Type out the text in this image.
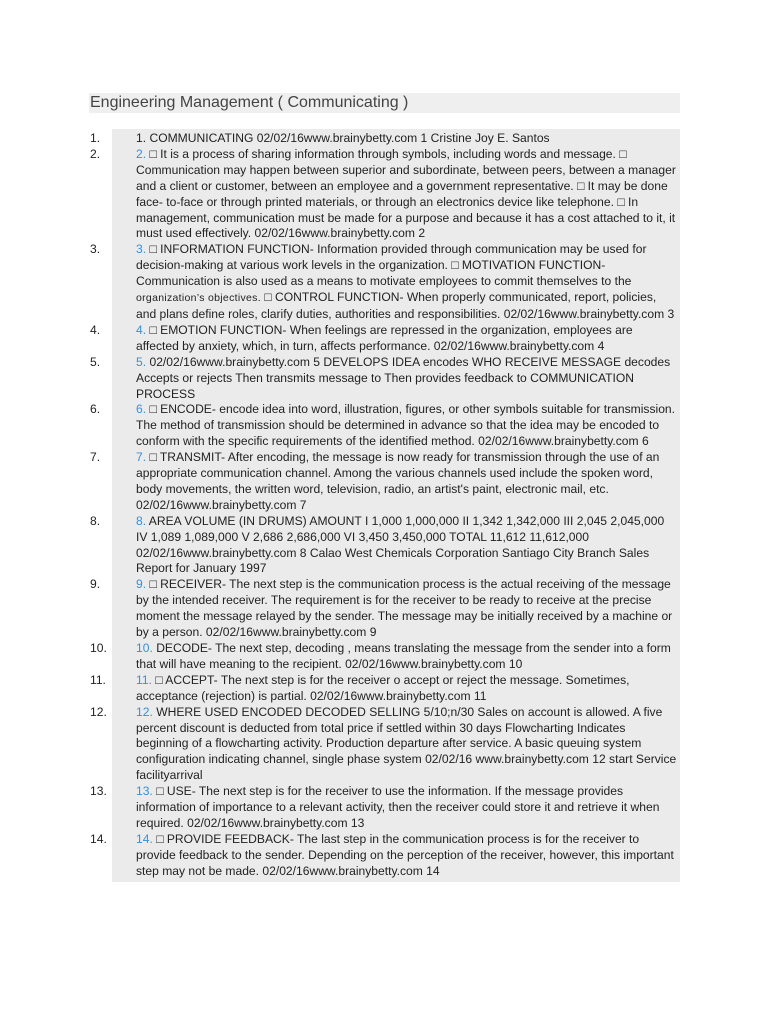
Engineering Management ( Communicating )
1.	1. COMMUNICATING 02/02/16www.brainybetty.com 1 Cristine Joy E. Santos
2.	2. □ It is a process of sharing information through symbols, including words and message. □ Communication may happen between superior and subordinate, between peers, between a manager and a client or customer, between an employee and a government representative. □ It may be done face- to-face or through printed materials, or through an electronics device like telephone. □ In management, communication must be made for a purpose and because it has a cost attached to it, it must used effectively. 02/02/16www.brainybetty.com 2
3.	3. □ INFORMATION FUNCTION- Information provided through communication may be used for decision-making at various work levels in the organization. □ MOTIVATION FUNCTION- Communication is also used as a means to motivate employees to commit themselves to the organization’s objectives. □ CONTROL FUNCTION- When properly communicated, report, policies, and plans define roles, clarify duties, authorities and responsibilities. 02/02/16www.brainybetty.com 3
4.	4. □ EMOTION FUNCTION- When feelings are repressed in the organization, employees are affected by anxiety, which, in turn, affects performance. 02/02/16www.brainybetty.com 4
5.	5. 02/02/16www.brainybetty.com 5 DEVELOPS IDEA encodes WHO RECEIVE MESSAGE decodes Accepts or rejects Then transmits message to Then provides feedback to COMMUNICATION PROCESS
6.	6. □ ENCODE- encode idea into word, illustration, figures, or other symbols suitable for transmission. The method of transmission should be determined in advance so that the idea may be encoded to conform with the specific requirements of the identified method. 02/02/16www.brainybetty.com 6
7.	7. □ TRANSMIT- After encoding, the message is now ready for transmission through the use of an appropriate communication channel. Among the various channels used include the spoken word, body movements, the written word, television, radio, an artist's paint, electronic mail, etc. 02/02/16www.brainybetty.com 7
8.	8. AREA VOLUME (IN DRUMS) AMOUNT I 1,000 1,000,000 II 1,342 1,342,000 III 2,045 2,045,000 IV 1,089 1,089,000 V 2,686 2,686,000 VI 3,450 3,450,000 TOTAL 11,612 11,612,000 02/02/16www.brainybetty.com 8 Calao West Chemicals Corporation Santiago City Branch Sales Report for January 1997
9.	9. □ RECEIVER- The next step is the communication process is the actual receiving of the message by the intended receiver. The requirement is for the receiver to be ready to receive at the precise moment the message relayed by the sender. The message may be initially received by a machine or by a person. 02/02/16www.brainybetty.com 9
10.	10. DECODE- The next step, decoding , means translating the message from the sender into a form that will have meaning to the recipient. 02/02/16www.brainybetty.com 10
11.	11. □ ACCEPT- The next step is for the receiver o accept or reject the message. Sometimes, acceptance (rejection) is partial. 02/02/16www.brainybetty.com 11
12.	12. WHERE USED ENCODED DECODED SELLING 5/10;n/30 Sales on account is allowed. A five percent discount is deducted from total price if settled within 30 days Flowcharting Indicates beginning of a flowcharting activity. Production departure after service. A basic queuing system configuration indicating channel, single phase system 02/02/16 www.brainybetty.com 12 start Service facilityarrival
13.	13. □ USE- The next step is for the receiver to use the information. If the message provides information of importance to a relevant activity, then the receiver could store it and retrieve it when required. 02/02/16www.brainybetty.com 13
14.	14. □ PROVIDE FEEDBACK- The last step in the communication process is for the receiver to provide feedback to the sender. Depending on the perception of the receiver, however, this important step may not be made. 02/02/16www.brainybetty.com 14
